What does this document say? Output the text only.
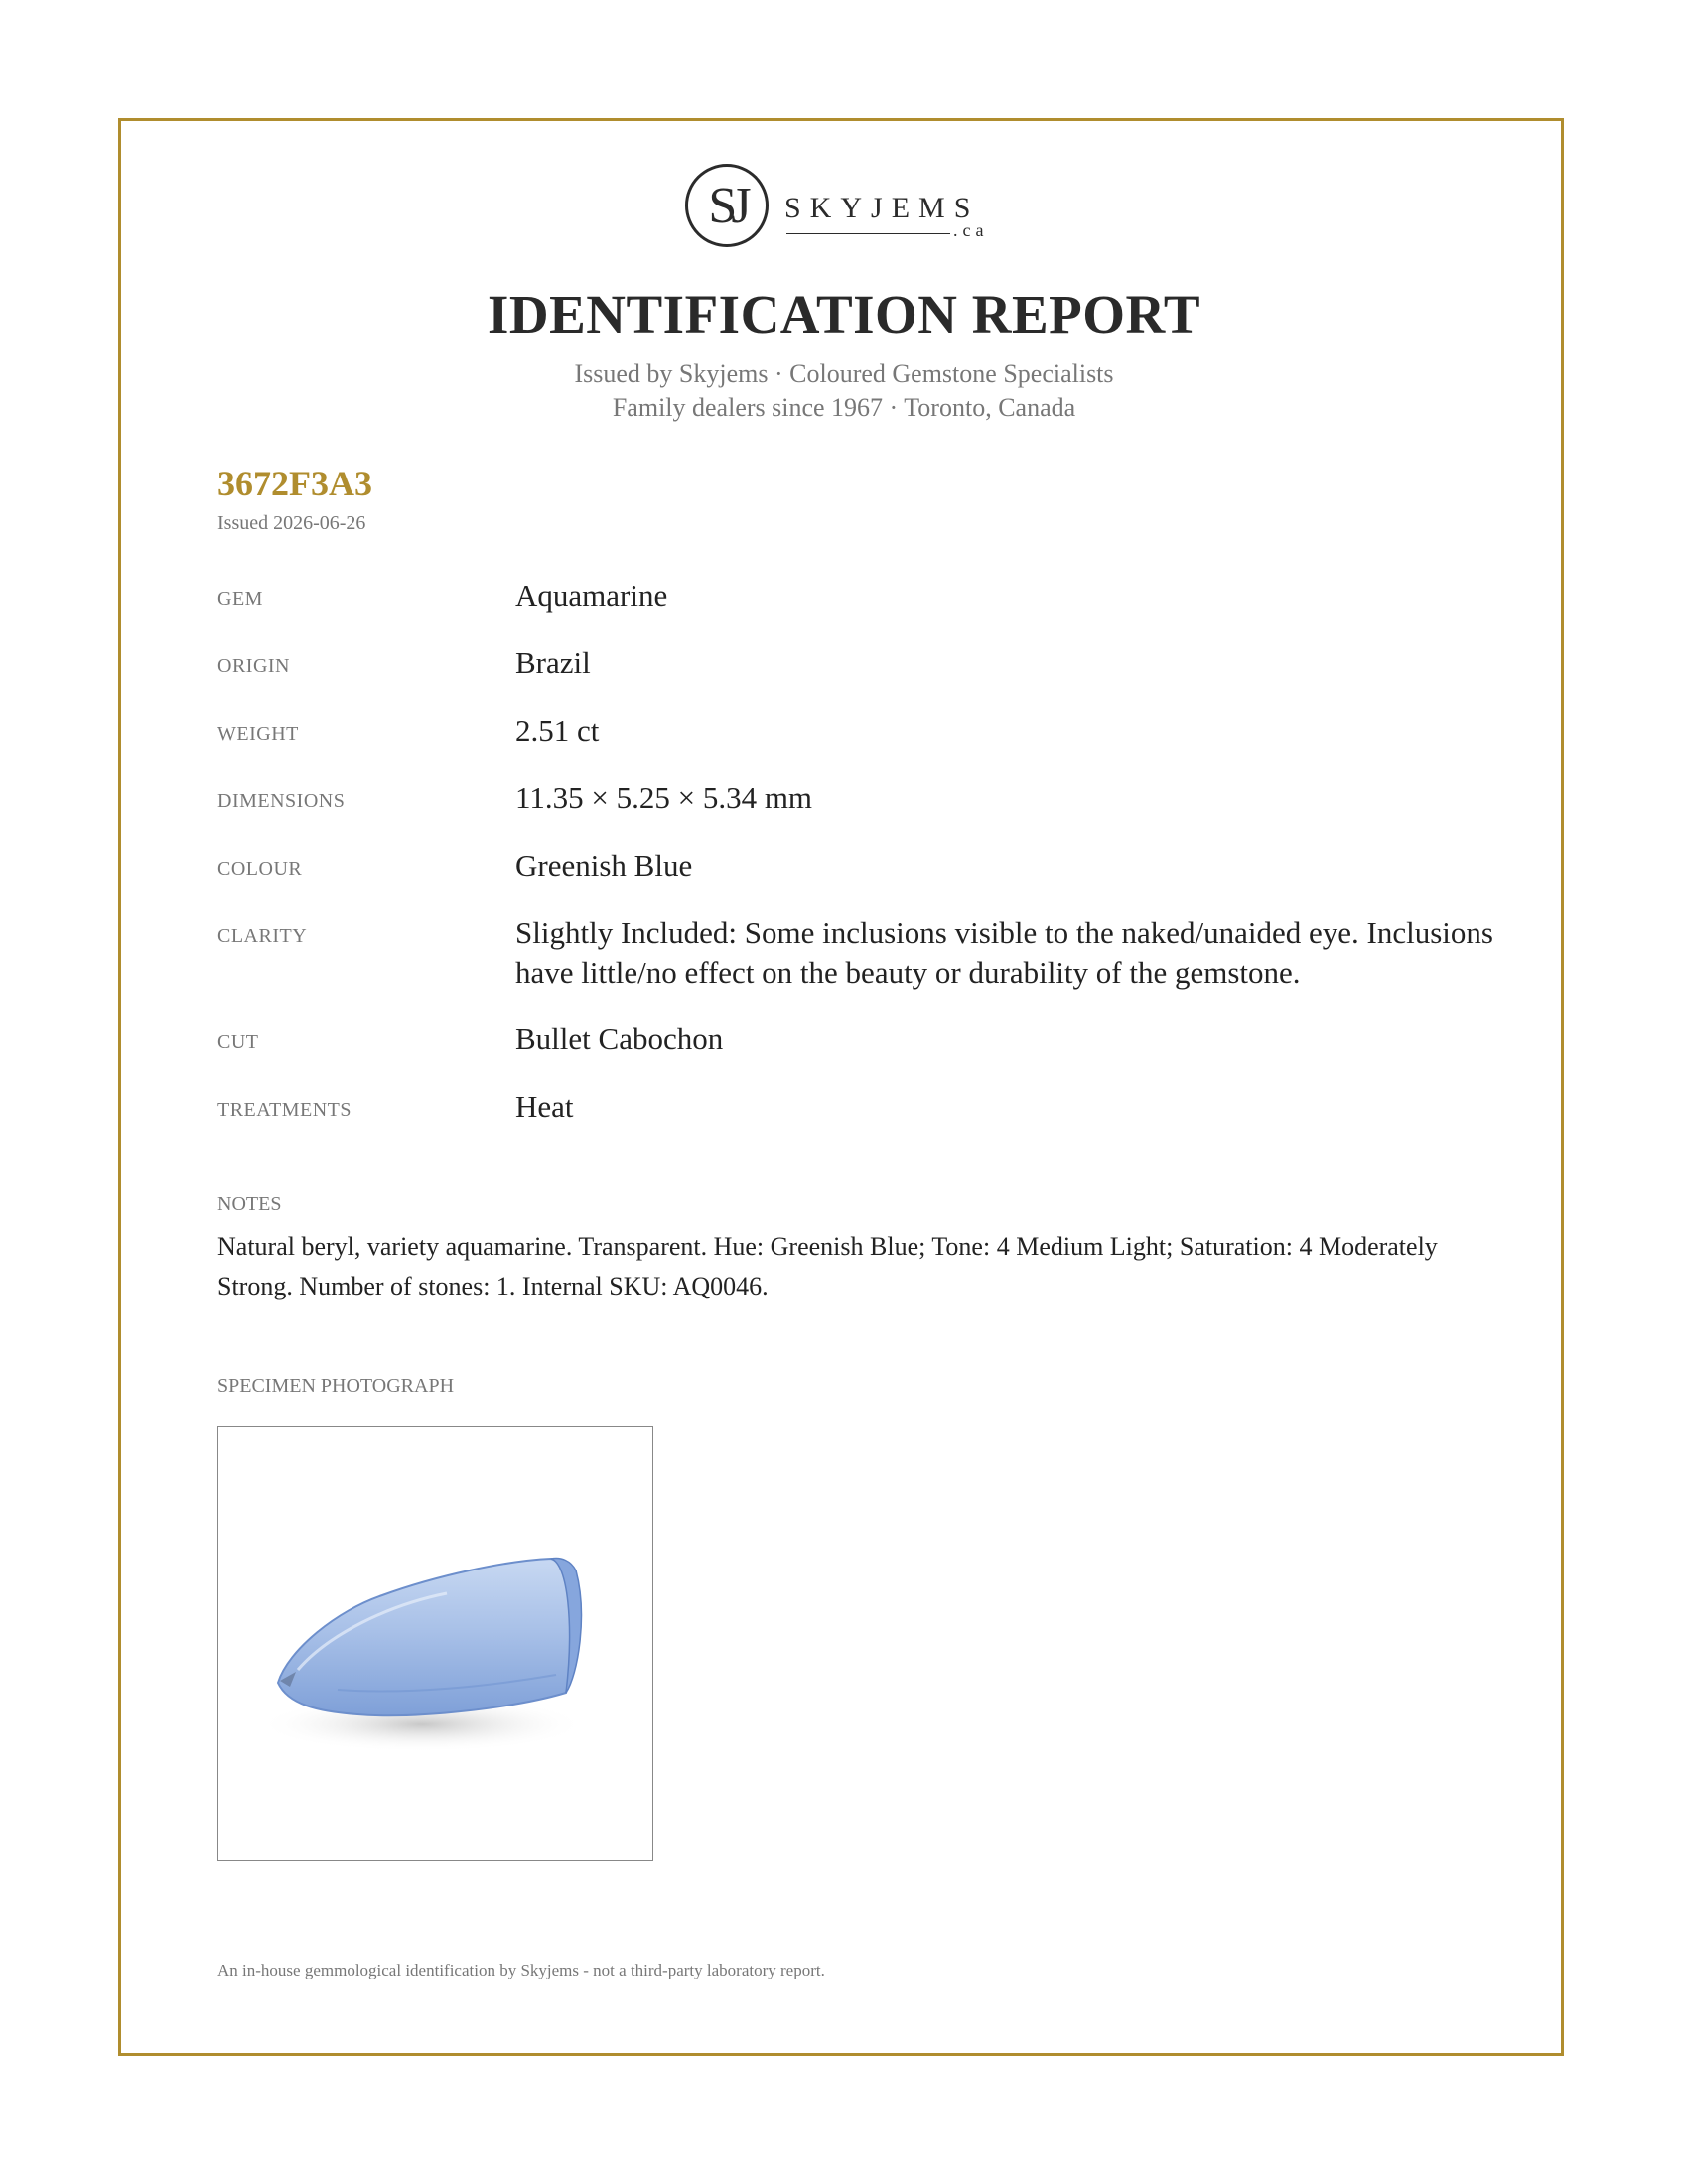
SJ	SKYJEMS
.ca
IDENTIFICATION REPORT
Issued by Skyjems · Coloured Gemstone Specialists
Family dealers since 1967 · Toronto, Canada
3672F3A3
Issued 2026-06-26
GEM	Aquamarine
ORIGIN	Brazil
WEIGHT	2.51 ct
DIMENSIONS	11.35 × 5.25 × 5.34 mm
COLOUR	Greenish Blue
CLARITY	Slightly Included: Some inclusions visible to the naked/unaided eye. Inclusions have little/no effect on the beauty or durability of the gemstone.
CUT	Bullet Cabochon
TREATMENTS	Heat
NOTES
Natural beryl, variety aquamarine. Transparent. Hue: Greenish Blue; Tone: 4 Medium Light; Saturation: 4 Moderately Strong. Number of stones: 1. Internal SKU: AQ0046.
SPECIMEN PHOTOGRAPH
An in-house gemmological identification by Skyjems - not a third-party laboratory report.
